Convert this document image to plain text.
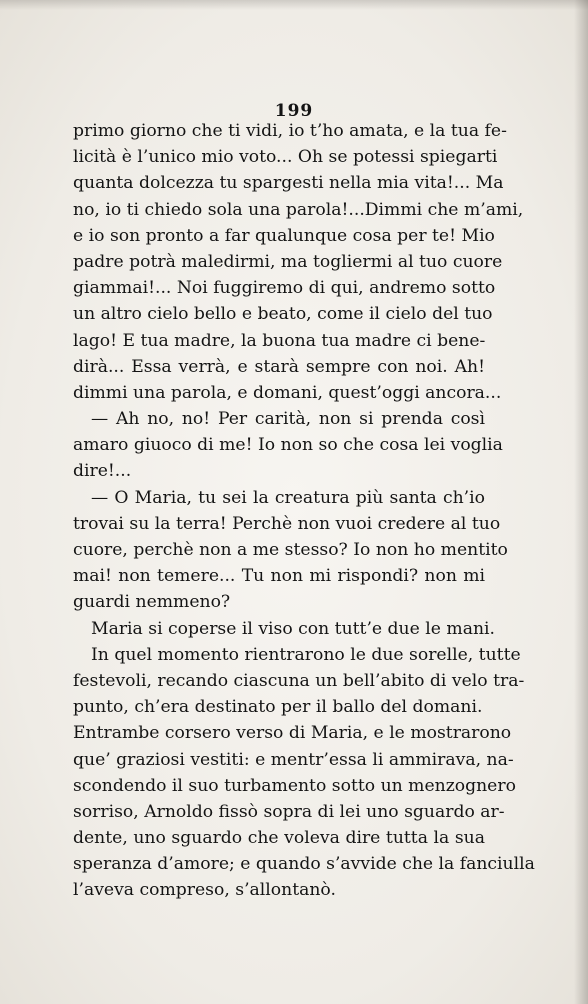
199
primo giorno che ti vidi, io t’ho amata, e la tua fe-
licità è l’unico mio voto... Oh se potessi spiegarti
quanta dolcezza tu spargesti nella mia vita!... Ma
no, io ti chiedo sola una parola!...Dimmi che m’ami,
e io son pronto a far qualunque cosa per te! Mio
padre potrà maledirmi, ma togliermi al tuo cuore
giammai!... Noi fuggiremo di qui, andremo sotto
un altro cielo bello e beato, come il cielo del tuo
lago! E tua madre, la buona tua madre ci bene-
dirà... Essa verrà, e starà sempre con noi. Ah!
dimmi una parola, e domani, quest’oggi ancora...
— Ah no, no! Per carità, non si prenda così
amaro giuoco di me! Io non so che cosa lei voglia
dire!...
— O Maria, tu sei la creatura più santa ch’io
trovai su la terra! Perchè non vuoi credere al tuo
cuore, perchè non a me stesso? Io non ho mentito
mai! non temere... Tu non mi rispondi? non mi
guardi nemmeno?
Maria si coperse il viso con tutt’e due le mani.
In quel momento rientrarono le due sorelle, tutte
festevoli, recando ciascuna un bell’abito di velo tra-
punto, ch’era destinato per il ballo del domani.
Entrambe corsero verso di Maria, e le mostrarono
que’ graziosi vestiti: e mentr’essa li ammirava, na-
scondendo il suo turbamento sotto un menzognero
sorriso, Arnoldo fissò sopra di lei uno sguardo ar-
dente, uno sguardo che voleva dire tutta la sua
speranza d’amore; e quando s’avvide che la fanciulla
l’aveva compreso, s’allontanò.
